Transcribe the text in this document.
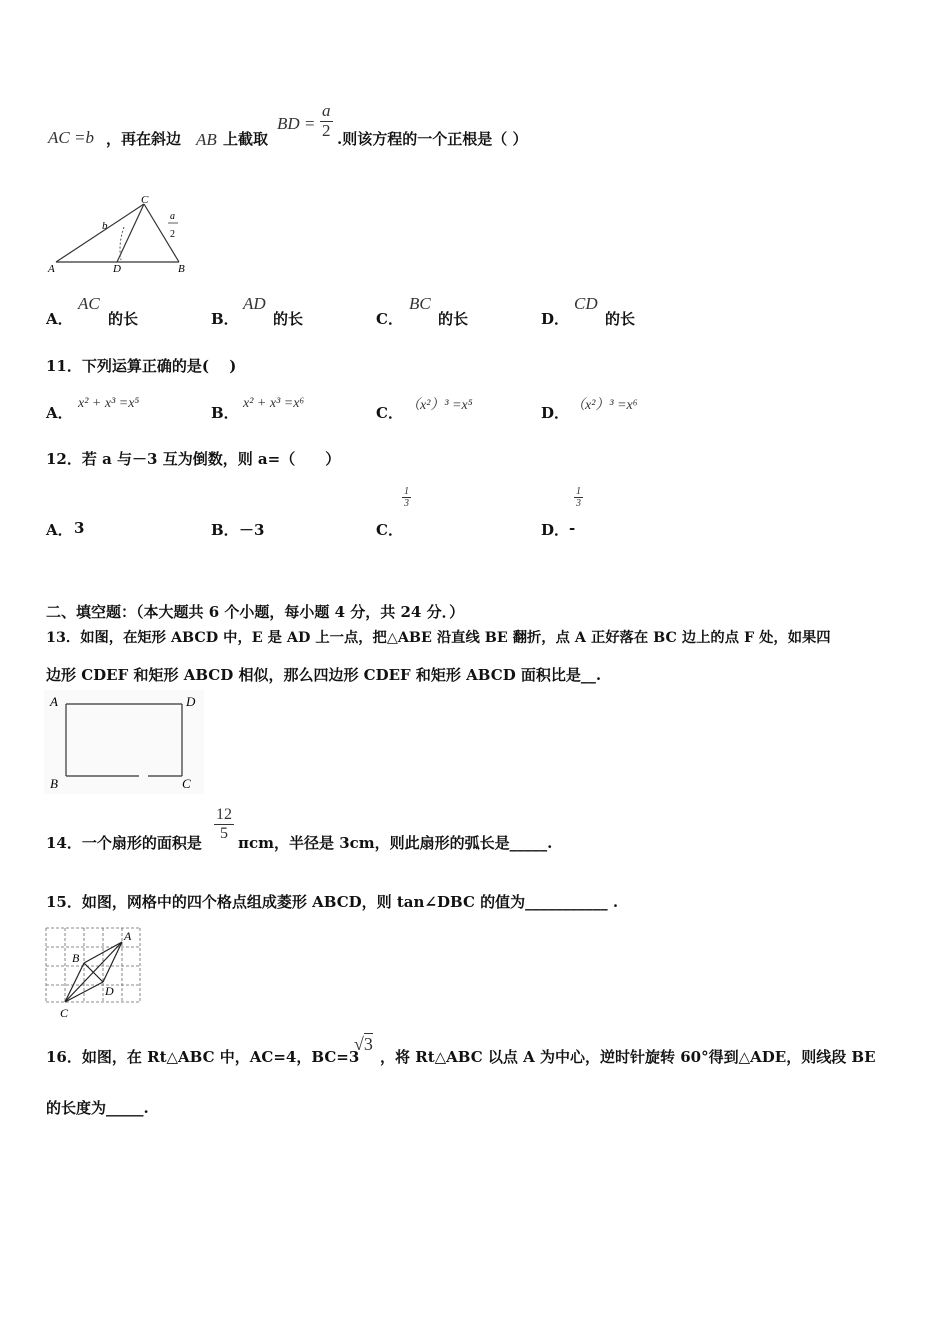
AC =b ，再在斜边 AB 上截取
BD = $\frac{a}{2}$ .则该方程的一个正根是（ ）
A	D	B
C
b
a
2
A．
AC
的长	B．
AD
的长	C．
BC
的长	D．
CD
的长
11．下列运算正确的是(　 )
A．
x² + x³ =x⁵
B．
x² + x³ =x⁶
C． （x²）³ =x⁵	D． （x²）³ =x⁶
12．若 a 与－3 互为倒数，则 a=（　　）
A． 3	B． －3	C．
$\frac{1}{3}$
D． -
$\frac{1}{3}$
二、填空题：（本大题共 6 个小题，每小题 4 分，共 24 分．）
13．如图，在矩形 ABCD 中，E 是 AD 上一点，把△ABE 沿直线 BE 翻折，点 A 正好落在 BC 边上的点 F 处，如果四
边形 CDEF 和矩形 ABCD 相似，那么四边形 CDEF 和矩形 ABCD 面积比是__.
A	D
B	C
14．一个扇形的面积是
$\frac{12}{5}$
πcm，半径是 3cm，则此扇形的弧长是_____.
15．如图，网格中的四个格点组成菱形 ABCD，则 tan∠DBC 的值为___________ .
A
B
D
C
16．如图，在 Rt△ABC 中，AC=4，BC=3
√3
，将 Rt△ABC 以点 A 为中心，逆时针旋转 60°得到△ADE，则线段 BE
的长度为_____.
